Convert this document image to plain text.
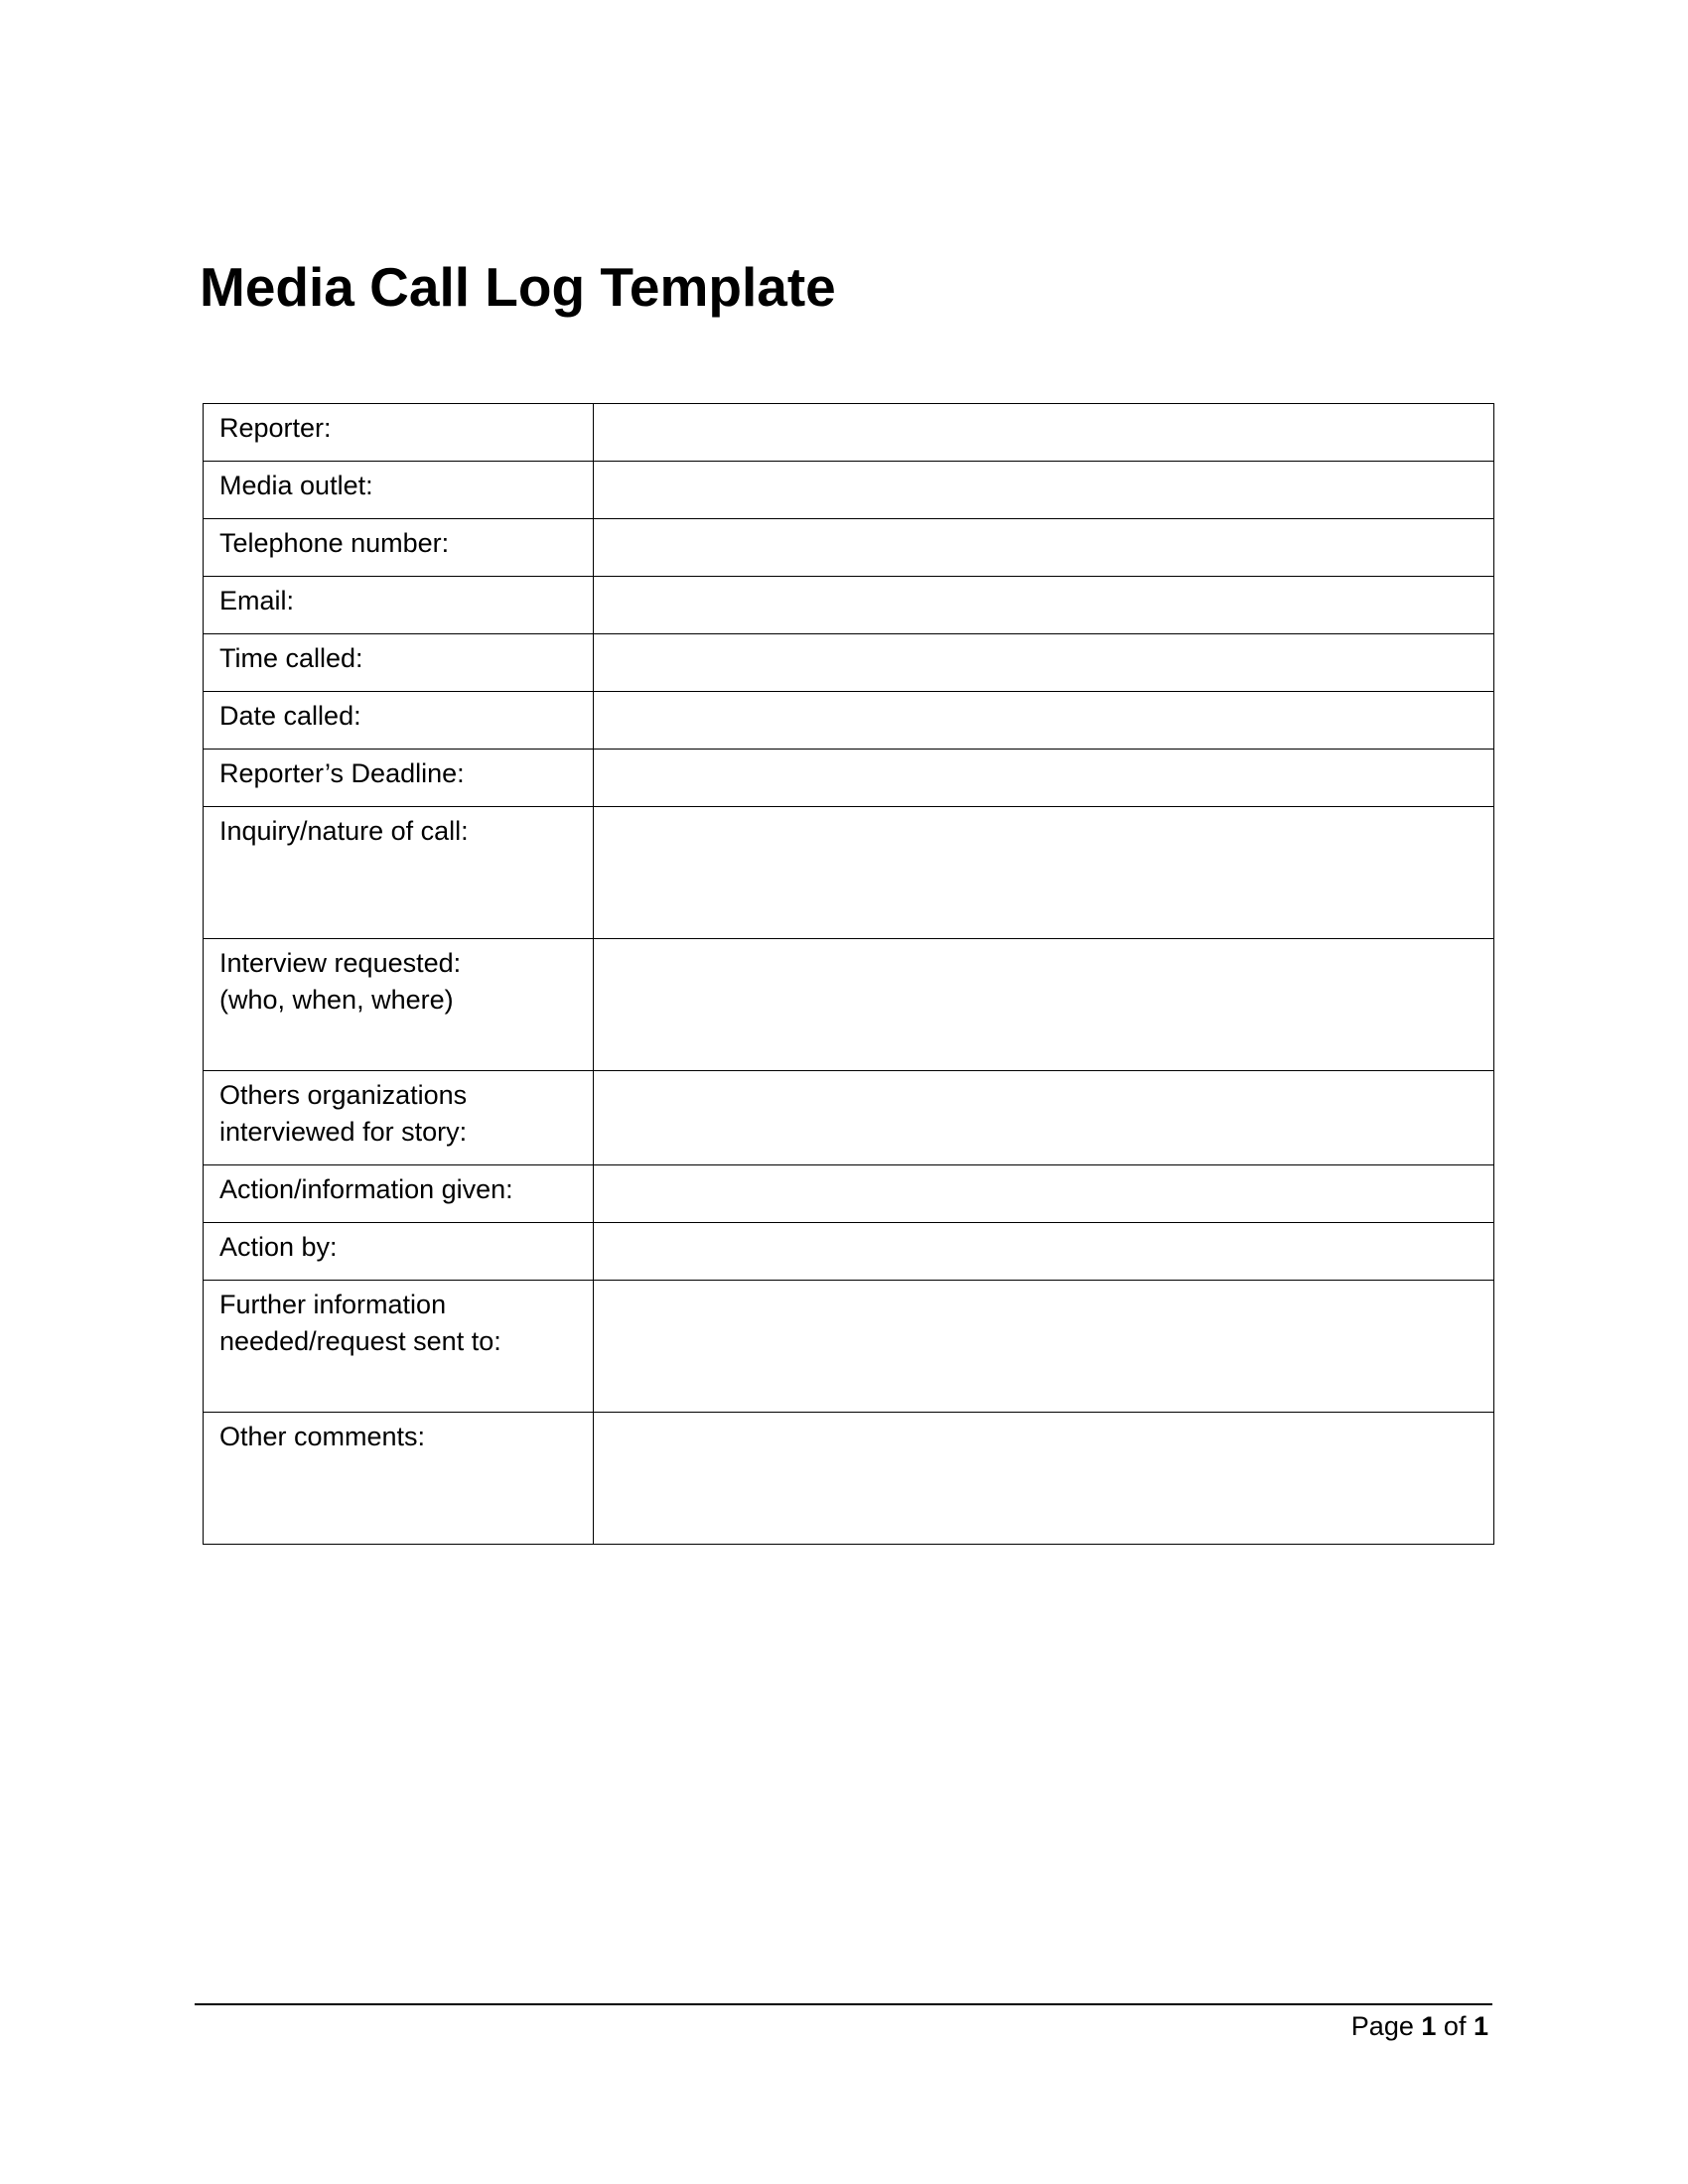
Media Call Log Template
Reporter:	

Media outlet:	

Telephone number:	

Email:	

Time called:	

Date called:	

Reporter’s Deadline:	

Inquiry/nature of call:	

Interview requested:
(who, when, where)	

Others organizations
interviewed for story:	

Action/information given:	

Action by:	

Further information
needed/request sent to:	

Other comments:	

Page 1 of 1
